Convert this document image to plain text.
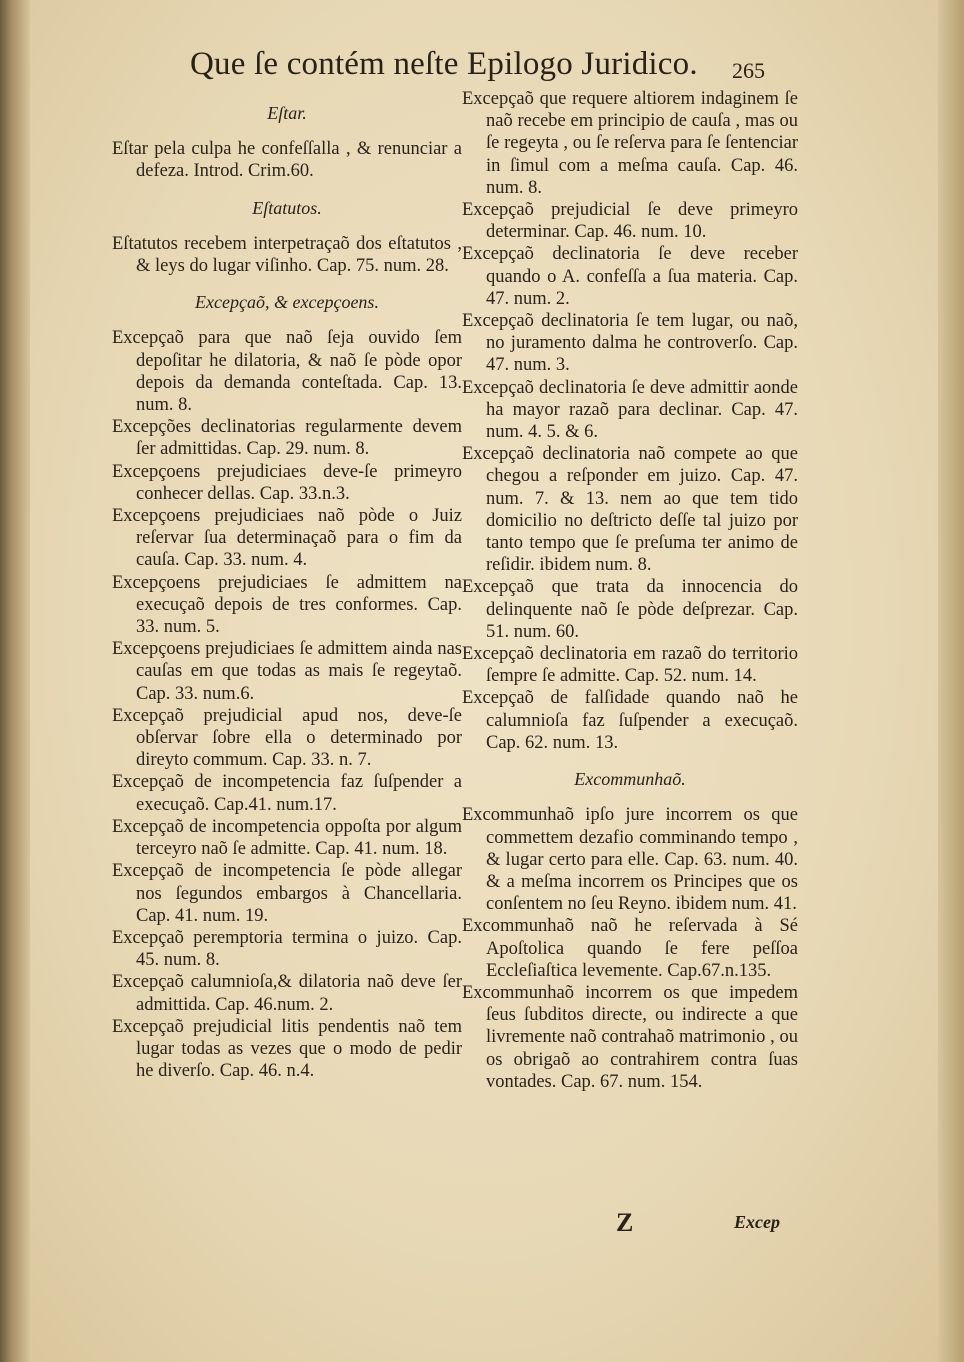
Que ſe contém neſte Epilogo Juridico.	265
Eſtar.
Eſtar pela culpa he confeſſalla , & renunciar a defeza. Introd. Crim.60.
Eſtatutos.
Eſtatutos recebem interpetraçaõ dos eſtatutos , & leys do lugar viſinho. Cap. 75. num. 28.
Excepçaõ, & excepçoens.
Excepçaõ para que naõ ſeja ouvido ſem depoſitar he dilatoria, & naõ ſe pòde opor depois da demanda conteſtada. Cap. 13. num. 8.
Excepções declinatorias regularmente devem ſer admittidas. Cap. 29. num. 8.
Excepçoens prejudiciaes deve-ſe primeyro conhecer dellas. Cap. 33.n.3.
Excepçoens prejudiciaes naõ pòde o Juiz reſervar ſua determinaçaõ para o fim da cauſa. Cap. 33. num. 4.
Excepçoens prejudiciaes ſe admittem na execuçaõ depois de tres conformes. Cap. 33. num. 5.
Excepçoens prejudiciaes ſe admittem ainda nas cauſas em que todas as mais ſe regeytaõ. Cap. 33. num.6.
Excepçaõ prejudicial apud nos, deve-ſe obſervar ſobre ella o determinado por direyto commum. Cap. 33. n. 7.
Excepçaõ de incompetencia faz ſuſpender a execuçaõ. Cap.41. num.17.
Excepçaõ de incompetencia oppoſta por algum terceyro naõ ſe admitte. Cap. 41. num. 18.
Excepçaõ de incompetencia ſe pòde allegar nos ſegundos embargos à Chancellaria. Cap. 41. num. 19.
Excepçaõ peremptoria termina o juizo. Cap. 45. num. 8.
Excepçaõ calumnioſa,& dilatoria naõ deve ſer admittida. Cap. 46.num. 2.
Excepçaõ prejudicial litis pendentis naõ tem lugar todas as vezes que o modo de pedir he diverſo. Cap. 46. n.4.
Excepçaõ que requere altiorem indaginem ſe naõ recebe em principio de cauſa , mas ou ſe regeyta , ou ſe reſerva para ſe ſentenciar in ſimul com a meſma cauſa. Cap. 46. num. 8.
Excepçaõ prejudicial ſe deve primeyro determinar. Cap. 46. num. 10.
Excepçaõ declinatoria ſe deve receber quando o A. confeſſa a ſua materia. Cap. 47. num. 2.
Excepçaõ declinatoria ſe tem lugar, ou naõ, no juramento dalma he controverſo. Cap. 47. num. 3.
Excepçaõ declinatoria ſe deve admittir aonde ha mayor razaõ para declinar. Cap. 47. num. 4. 5. & 6.
Excepçaõ declinatoria naõ compete ao que chegou a reſponder em juizo. Cap. 47. num. 7. & 13. nem ao que tem tido domicilio no deſtricto deſſe tal juizo por tanto tempo que ſe preſuma ter animo de reſidir. ibidem num. 8.
Excepçaõ que trata da innocencia do delinquente naõ ſe pòde deſprezar. Cap. 51. num. 60.
Excepçaõ declinatoria em razaõ do territorio ſempre ſe admitte. Cap. 52. num. 14.
Excepçaõ de falſidade quando naõ he calumnioſa faz ſuſpender a execuçaõ. Cap. 62. num. 13.
Excommunhaõ.
Excommunhaõ ipſo jure incorrem os que commettem dezafio comminando tempo , & lugar certo para elle. Cap. 63. num. 40. & a meſma incorrem os Principes que os conſentem no ſeu Reyno. ibidem num. 41.
Excommunhaõ naõ he reſervada à Sé Apoſtolica quando ſe fere peſſoa Eccleſiaſtica levemente. Cap.67.n.135.
Excommunhaõ incorrem os que impedem ſeus ſubditos directe, ou indirecte a que livremente naõ contrahaõ matrimonio , ou os obrigaõ ao contrahirem contra ſuas vontades. Cap. 67. num. 154.
Z	Excep
